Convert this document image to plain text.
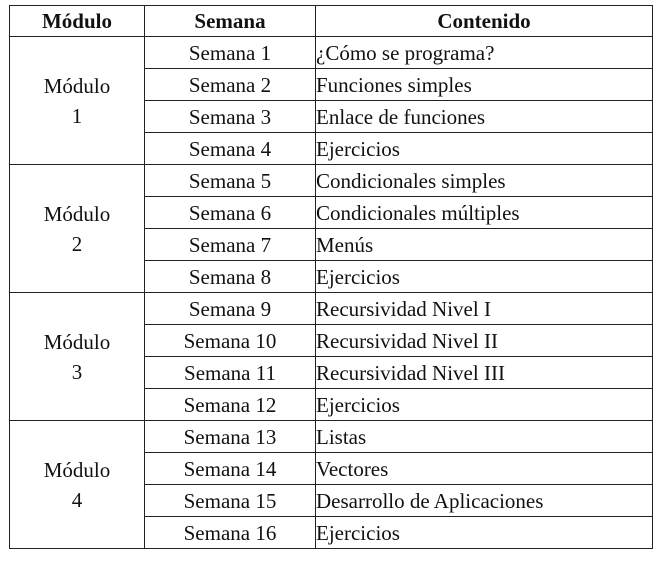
Módulo	Semana	Contenido

Módulo
1	Semana 1	¿Cómo se programa?
	Semana 2	Funciones simples
	Semana 3	Enlace de funciones
	Semana 4	Ejercicios

Módulo
2	Semana 5	Condicionales simples
	Semana 6	Condicionales múltiples
	Semana 7	Menús
	Semana 8	Ejercicios

Módulo
3	Semana 9	Recursividad Nivel I
	Semana 10	Recursividad Nivel II
	Semana 11	Recursividad Nivel III
	Semana 12	Ejercicios

Módulo
4	Semana 13	Listas
	Semana 14	Vectores
	Semana 15	Desarrollo de Aplicaciones
	Semana 16	Ejercicios
